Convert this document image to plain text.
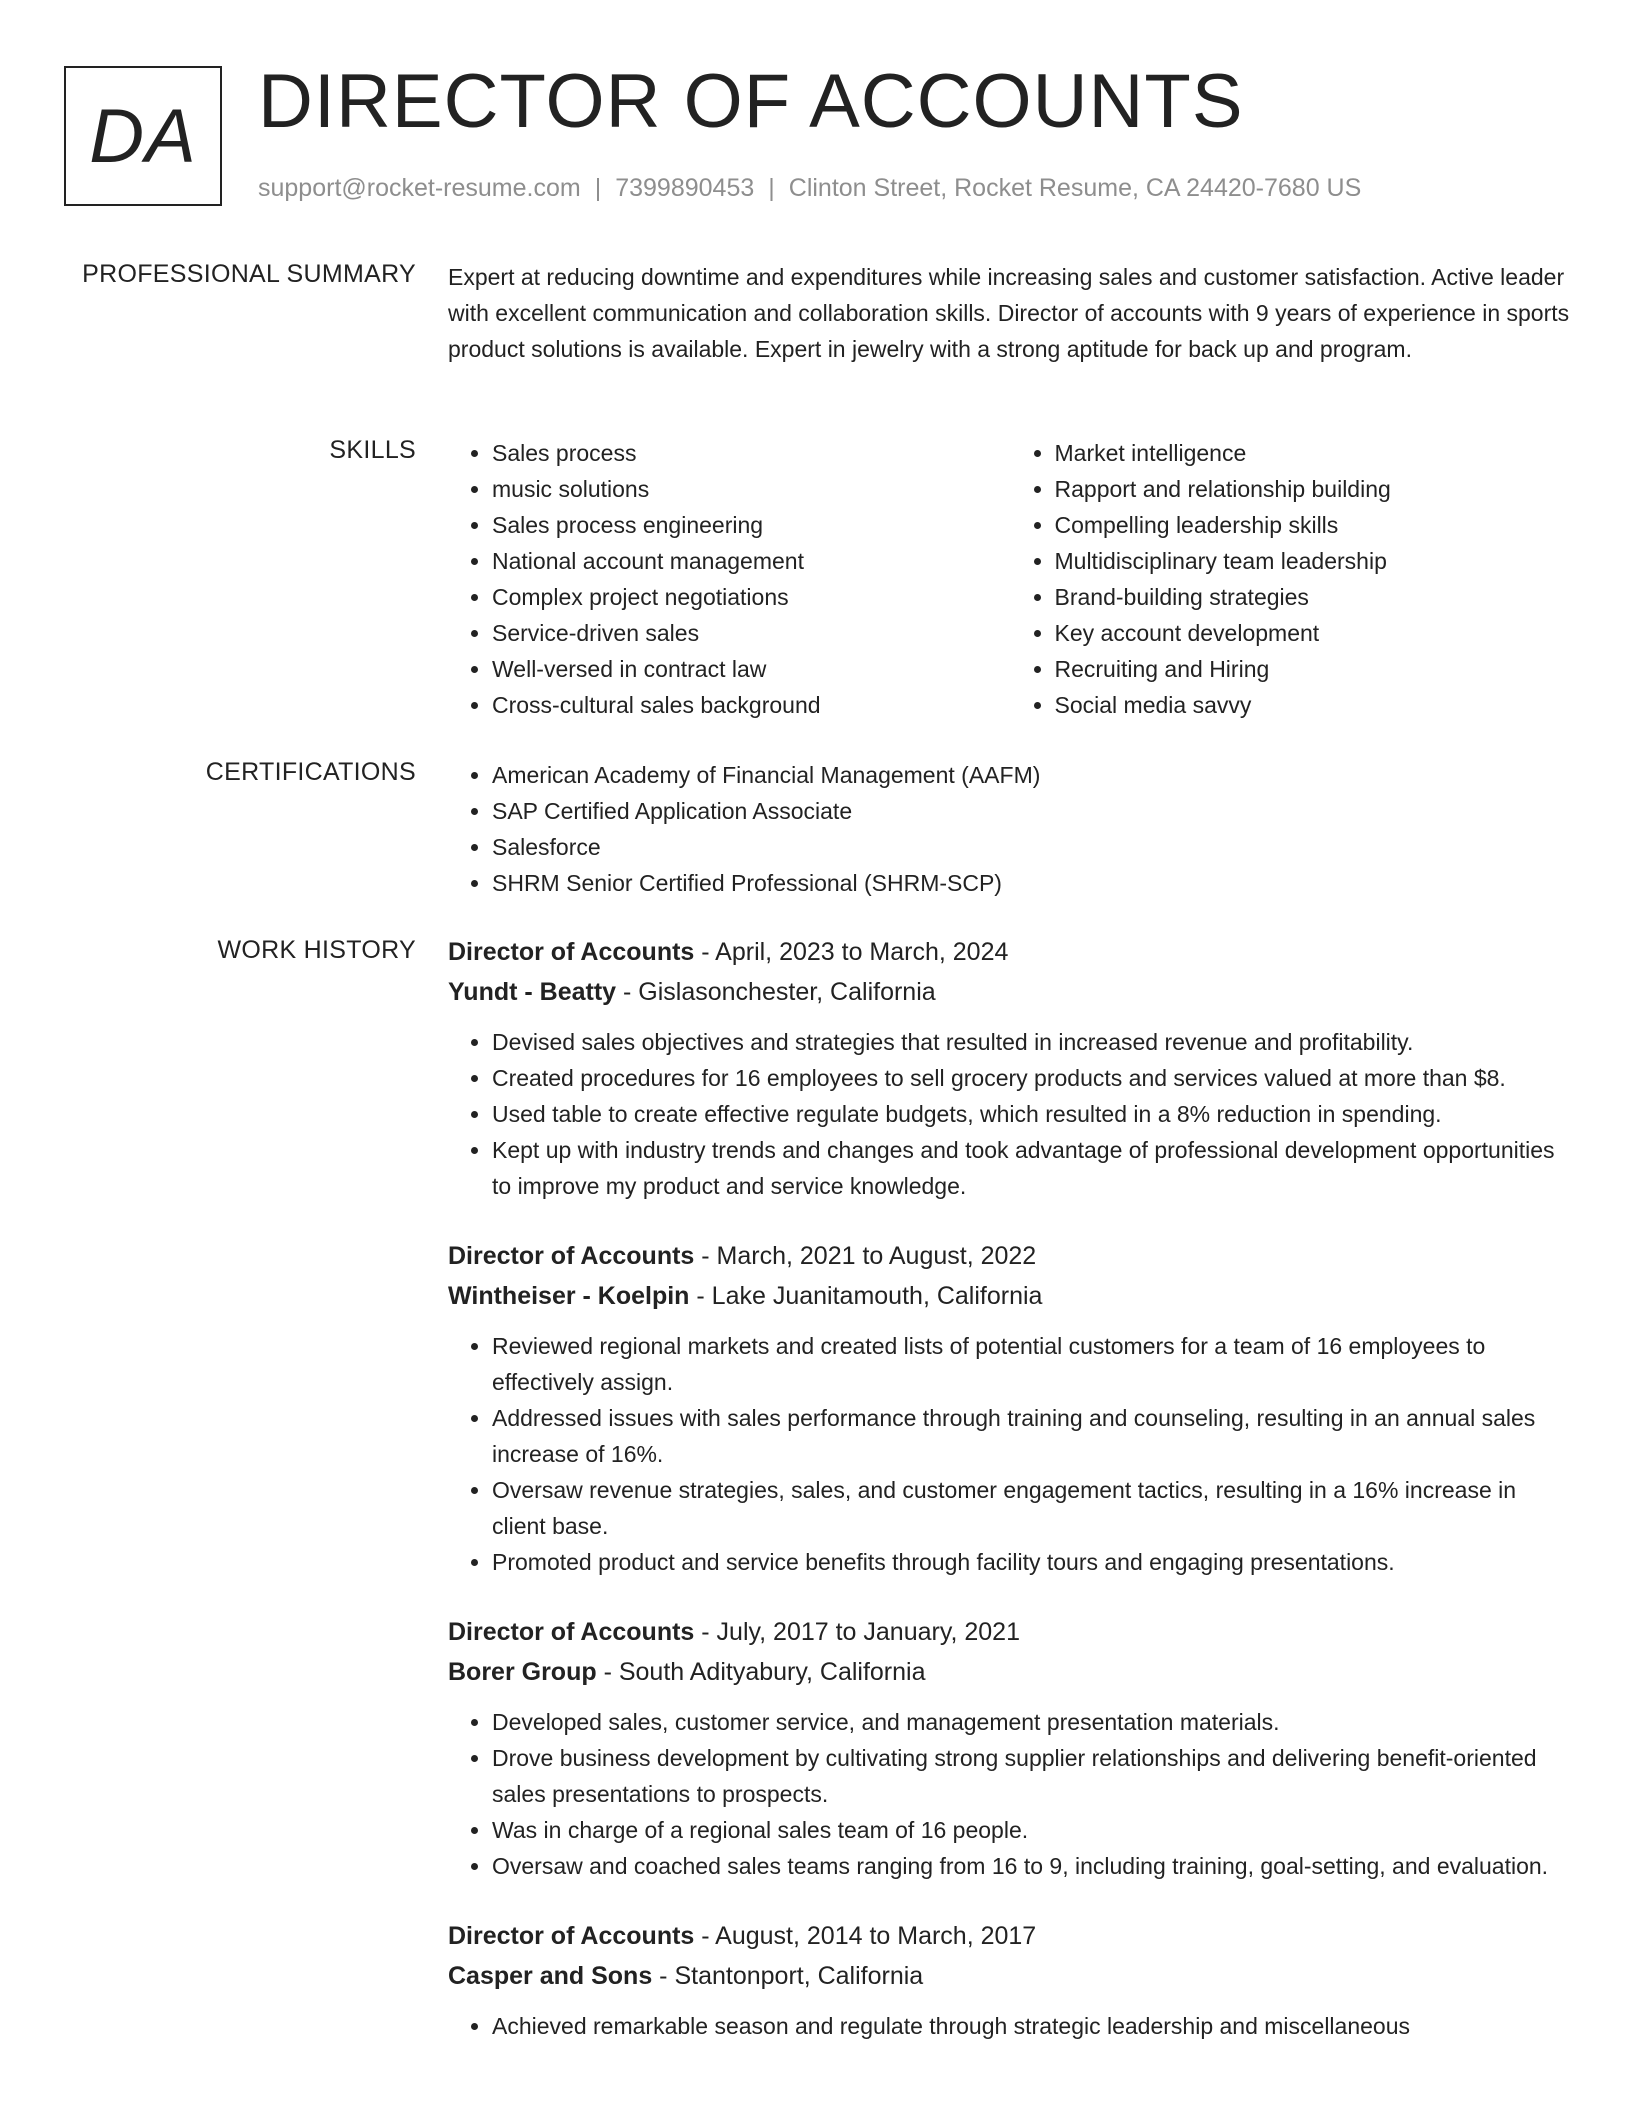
DA DIRECTOR OF ACCOUNTS
support@rocket-resume.com | 7399890453 | Clinton Street, Rocket Resume, CA 24420-7680 US
PROFESSIONAL SUMMARY Expert at reducing downtime and expenditures while increasing sales and customer satisfaction. Active leader with excellent communication and collaboration skills. Director of accounts with 9 years of experience in sports product solutions is available. Expert in jewelry with a strong aptitude for back up and program.

SKILLS	• Sales process
• music solutions
• Sales process engineering
• National account management
• Complex project negotiations
• Service-driven sales
• Well-versed in contract law
• Cross-cultural sales background
• Market intelligence
• Rapport and relationship building
• Compelling leadership skills
• Multidisciplinary team leadership
• Brand-building strategies
• Key account development
• Recruiting and Hiring
• Social media savvy
CERTIFICATIONS	• American Academy of Financial Management (AAFM)
• SAP Certified Application Associate
• Salesforce
• SHRM Senior Certified Professional (SHRM-SCP)
WORK HISTORY Director of Accounts - April, 2023 to March, 2024
Yundt - Beatty - Gislasonchester, California
• Devised sales objectives and strategies that resulted in increased revenue and profitability.
• Created procedures for 16 employees to sell grocery products and services valued at more than $8.
• Used table to create effective regulate budgets, which resulted in a 8% reduction in spending.
• Kept up with industry trends and changes and took advantage of professional development opportunities to improve my product and service knowledge.
Director of Accounts - March, 2021 to August, 2022
Wintheiser - Koelpin - Lake Juanitamouth, California
• Reviewed regional markets and created lists of potential customers for a team of 16 employees to effectively assign.
• Addressed issues with sales performance through training and counseling, resulting in an annual sales increase of 16%.
• Oversaw revenue strategies, sales, and customer engagement tactics, resulting in a 16% increase in client base.
• Promoted product and service benefits through facility tours and engaging presentations.
Director of Accounts - July, 2017 to January, 2021
Borer Group - South Adityabury, California
• Developed sales, customer service, and management presentation materials.
• Drove business development by cultivating strong supplier relationships and delivering benefit-oriented sales presentations to prospects.
• Was in charge of a regional sales team of 16 people.
• Oversaw and coached sales teams ranging from 16 to 9, including training, goal-setting, and evaluation.
Director of Accounts - August, 2014 to March, 2017
Casper and Sons - Stantonport, California
• Achieved remarkable season and regulate through strategic leadership and miscellaneous
